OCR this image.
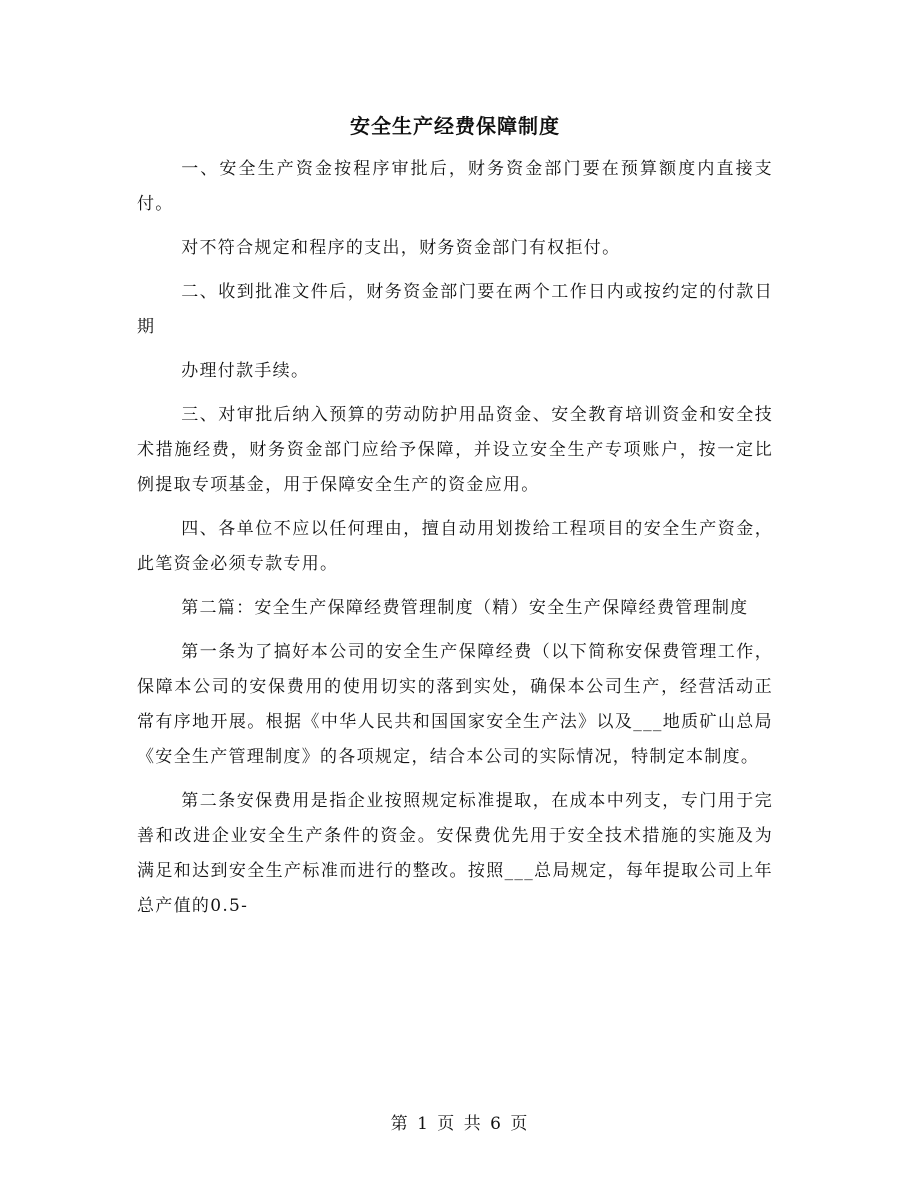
安全生产经费保障制度

一、安全生产资金按程序审批后，财务资金部门要在预算额度内直接支付。

对不符合规定和程序的支出，财务资金部门有权拒付。

二、收到批准文件后，财务资金部门要在两个工作日内或按约定的付款日期

办理付款手续。

三、对审批后纳入预算的劳动防护用品资金、安全教育培训资金和安全技术措施经费，财务资金部门应给予保障，并设立安全生产专项账户，按一定比例提取专项基金，用于保障安全生产的资金应用。

四、各单位不应以任何理由，擅自动用划拨给工程项目的安全生产资金，此笔资金必须专款专用。

第二篇：安全生产保障经费管理制度（精）安全生产保障经费管理制度

第一条为了搞好本公司的安全生产保障经费（以下简称安保费管理工作，保障本公司的安保费用的使用切实的落到实处，确保本公司生产，经营活动正常有序地开展。根据《中华人民共和国国家安全生产法》以及___地质矿山总局《安全生产管理制度》的各项规定，结合本公司的实际情况，特制定本制度。

第二条安保费用是指企业按照规定标准提取，在成本中列支，专门用于完善和改进企业安全生产条件的资金。安保费优先用于安全技术措施的实施及为满足和达到安全生产标准而进行的整改。按照___总局规定，每年提取公司上年总产值的0.5-

第 1 页 共 6 页
